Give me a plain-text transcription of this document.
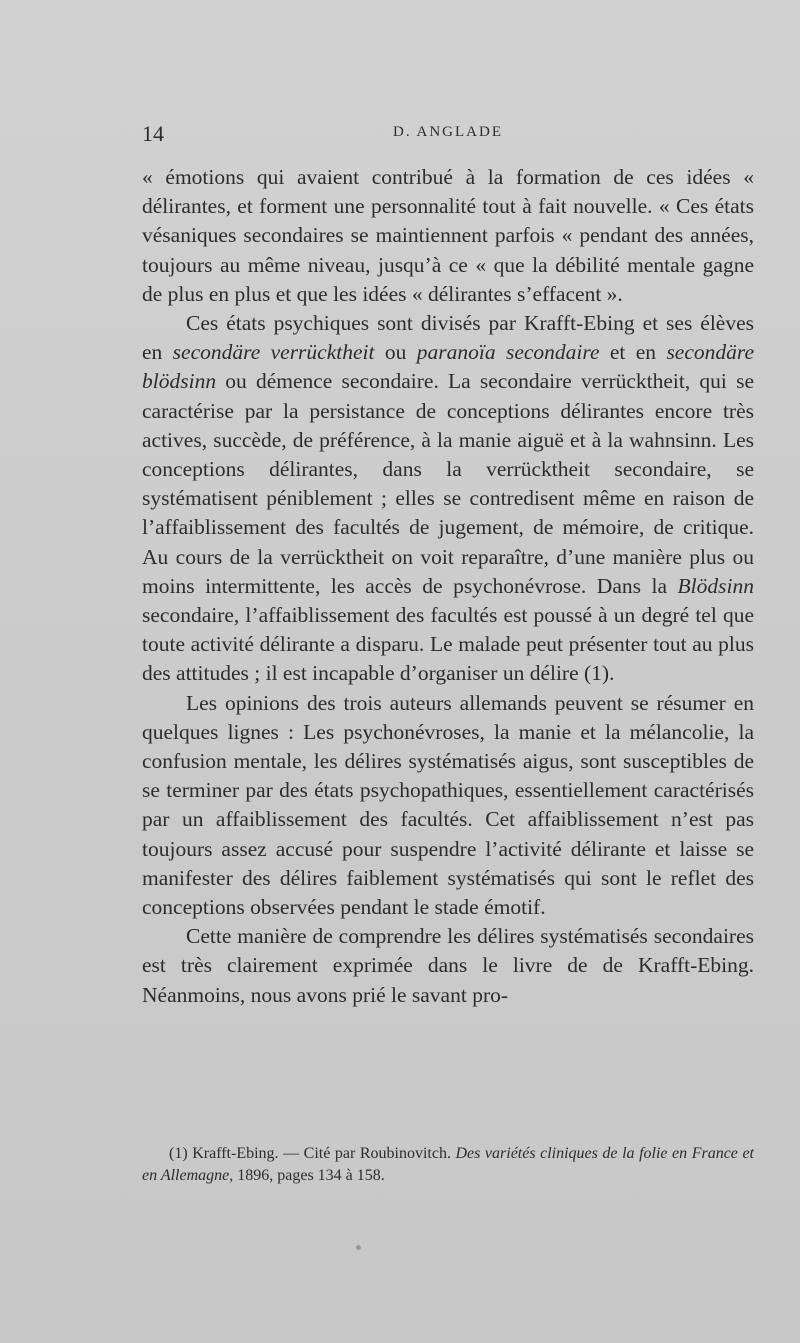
14	D. ANGLADE

« émotions qui avaient contribué à la formation de ces idées « délirantes, et forment une personnalité tout à fait nouvelle. « Ces états vésaniques secondaires se maintiennent parfois « pendant des années, toujours au même niveau, jusqu’à ce « que la débilité mentale gagne de plus en plus et que les idées « délirantes s’effacent ».

Ces états psychiques sont divisés par Krafft-Ebing et ses élèves en secondäre verrücktheit ou paranoïa secondaire et en secondäre blödsinn ou démence secondaire. La secondaire verrücktheit, qui se caractérise par la persistance de conceptions délirantes encore très actives, succède, de préférence, à la manie aiguë et à la wahnsinn. Les conceptions délirantes, dans la verrücktheit secondaire, se systématisent péniblement ; elles se contredisent même en raison de l’affaiblissement des facultés de jugement, de mémoire, de critique. Au cours de la verrücktheit on voit reparaître, d’une manière plus ou moins intermittente, les accès de psychonévrose. Dans la Blödsinn secondaire, l’affaiblissement des facultés est poussé à un degré tel que toute activité délirante a disparu. Le malade peut présenter tout au plus des attitudes ; il est incapable d’organiser un délire (1).

Les opinions des trois auteurs allemands peuvent se résumer en quelques lignes : Les psychonévroses, la manie et la mélancolie, la confusion mentale, les délires systématisés aigus, sont susceptibles de se terminer par des états psychopathiques, essentiellement caractérisés par un affaiblissement des facultés. Cet affaiblissement n’est pas toujours assez accusé pour suspendre l’activité délirante et laisse se manifester des délires faiblement systématisés qui sont le reflet des conceptions observées pendant le stade émotif.

Cette manière de comprendre les délires systématisés secondaires est très clairement exprimée dans le livre de de Krafft-Ebing. Néanmoins, nous avons prié le savant pro-

(1) Krafft-Ebing. — Cité par Roubinovitch. Des variétés cliniques de la folie en France et en Allemagne, 1896, pages 134 à 158.
